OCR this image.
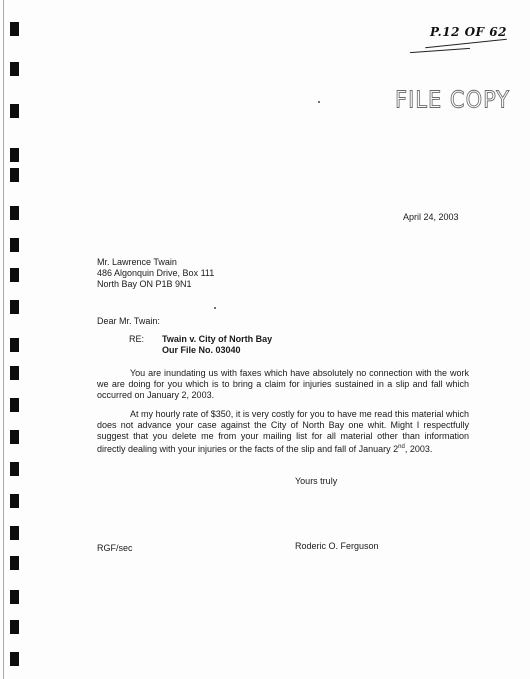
P.12 OF 62
FILE COPY
April 24, 2003
Mr. Lawrence Twain
486 Algonquin Drive, Box 111
North Bay ON P1B 9N1
Dear Mr. Twain:
RE: Twain v. City of North Bay
Our File No. 03040
You are inundating us with faxes which have absolutely no connection with the work we are doing for you which is to bring a claim for injuries sustained in a slip and fall which occurred on January 2, 2003.
At my hourly rate of $350, it is very costly for you to have me read this material which does not advance your case against the City of North Bay one whit. Might I respectfully suggest that you delete me from your mailing list for all material other than information directly dealing with your injuries or the facts of the slip and fall of January 2nd, 2003.
Yours truly
RGF/sec	Roderic O. Ferguson
